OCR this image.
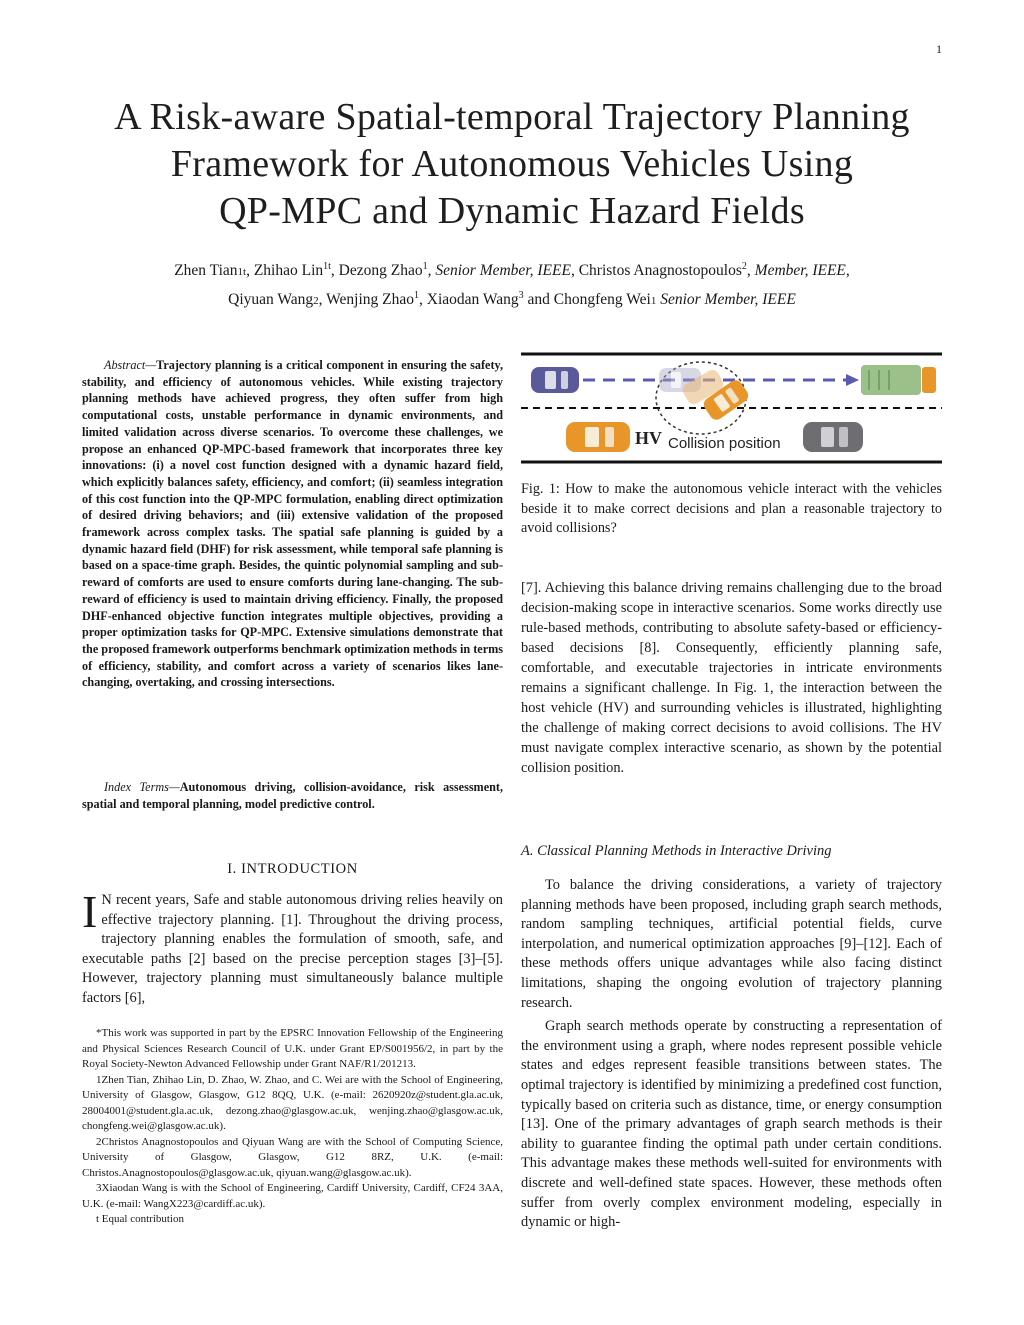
1
A Risk-aware Spatial-temporal Trajectory Planning
Framework for Autonomous Vehicles Using
QP-MPC and Dynamic Hazard Fields
Zhen Tian1t, Zhihao Lin$^{1t}$, Dezong Zhao$^1$, Senior Member, IEEE, Christos Anagnostopoulos$^2$, Member, IEEE,
Qiyuan Wang2, Wenjing Zhao$^1$, Xiaodan Wang$^3$ and Chongfeng Wei1 Senior Member, IEEE
Abstract—Trajectory planning is a critical component in ensuring the safety, stability, and efficiency of autonomous vehicles. While existing trajectory planning methods have achieved progress, they often suffer from high computational costs, unstable performance in dynamic environments, and limited validation across diverse scenarios. To overcome these challenges, we propose an enhanced QP-MPC-based framework that incorporates three key innovations: (i) a novel cost function designed with a dynamic hazard field, which explicitly balances safety, efficiency, and comfort; (ii) seamless integration of this cost function into the QP-MPC formulation, enabling direct optimization of desired driving behaviors; and (iii) extensive validation of the proposed framework across complex tasks. The spatial safe planning is guided by a dynamic hazard field (DHF) for risk assessment, while temporal safe planning is based on a space-time graph. Besides, the quintic polynomial sampling and sub-reward of comforts are used to ensure comforts during lane-changing. The sub-reward of efficiency is used to maintain driving efficiency. Finally, the proposed DHF-enhanced objective function integrates multiple objectives, providing a proper optimization tasks for QP-MPC. Extensive simulations demonstrate that the proposed framework outperforms benchmark optimization methods in terms of efficiency, stability, and comfort across a variety of scenarios likes lane-changing, overtaking, and crossing intersections.
Index Terms—Autonomous driving, collision-avoidance, risk assessment, spatial and temporal planning, model predictive control.
I. INTRODUCTION
I N recent years, Safe and stable autonomous driving relies heavily on effective trajectory planning. [1]. Throughout the driving process, trajectory planning enables the formulation of smooth, safe, and executable paths [2] based on the precise perception stages [3]–[5]. However, trajectory planning must simultaneously balance multiple factors [6],

*This work was supported in part by the EPSRC Innovation Fellowship of the Engineering and Physical Sciences Research Council of U.K. under Grant EP/S001956/2, in part by the Royal Society-Newton Advanced Fellowship under Grant NAF/R1/201213.

1Zhen Tian, Zhihao Lin, D. Zhao, W. Zhao, and C. Wei are with the School of Engineering, University of Glasgow, Glasgow, G12 8QQ, U.K. (e-mail: 2620920z@student.gla.ac.uk, 28004001@student.gla.ac.uk, dezong.zhao@glasgow.ac.uk, wenjing.zhao@glasgow.ac.uk, chongfeng.wei@glasgow.ac.uk).

2Christos Anagnostopoulos and Qiyuan Wang are with the School of Computing Science, University of Glasgow, Glasgow, G12 8RZ, U.K. (e-mail: Christos.Anagnostopoulos@glasgow.ac.uk, qiyuan.wang@glasgow.ac.uk).

3Xiaodan Wang is with the School of Engineering, Cardiff University, Cardiff, CF24 3AA, U.K. (e-mail: WangX223@cardiff.ac.uk).

t Equal contribution

HV Collision position
Fig. 1: How to make the autonomous vehicle interact with the vehicles beside it to make correct decisions and plan a reasonable trajectory to avoid collisions?
[7]. Achieving this balance driving remains challenging due to the broad decision-making scope in interactive scenarios. Some works directly use rule-based methods, contributing to absolute safety-based or efficiency-based decisions [8]. Consequently, efficiently planning safe, comfortable, and executable trajectories in intricate environments remains a significant challenge. In Fig. 1, the interaction between the host vehicle (HV) and surrounding vehicles is illustrated, highlighting the challenge of making correct decisions to avoid collisions. The HV must navigate complex interactive scenario, as shown by the potential collision position.
A. Classical Planning Methods in Interactive Driving

To balance the driving considerations, a variety of trajectory planning methods have been proposed, including graph search methods, random sampling techniques, artificial potential fields, curve interpolation, and numerical optimization approaches [9]–[12]. Each of these methods offers unique advantages while also facing distinct limitations, shaping the ongoing evolution of trajectory planning research.

Graph search methods operate by constructing a representation of the environment using a graph, where nodes represent possible vehicle states and edges represent feasible transitions between states. The optimal trajectory is identified by minimizing a predefined cost function, typically based on criteria such as distance, time, or energy consumption [13]. One of the primary advantages of graph search methods is their ability to guarantee finding the optimal path under certain conditions. This advantage makes these methods well-suited for environments with discrete and well-defined state spaces. However, these methods often suffer from overly complex environment modeling, especially in dynamic or high-
